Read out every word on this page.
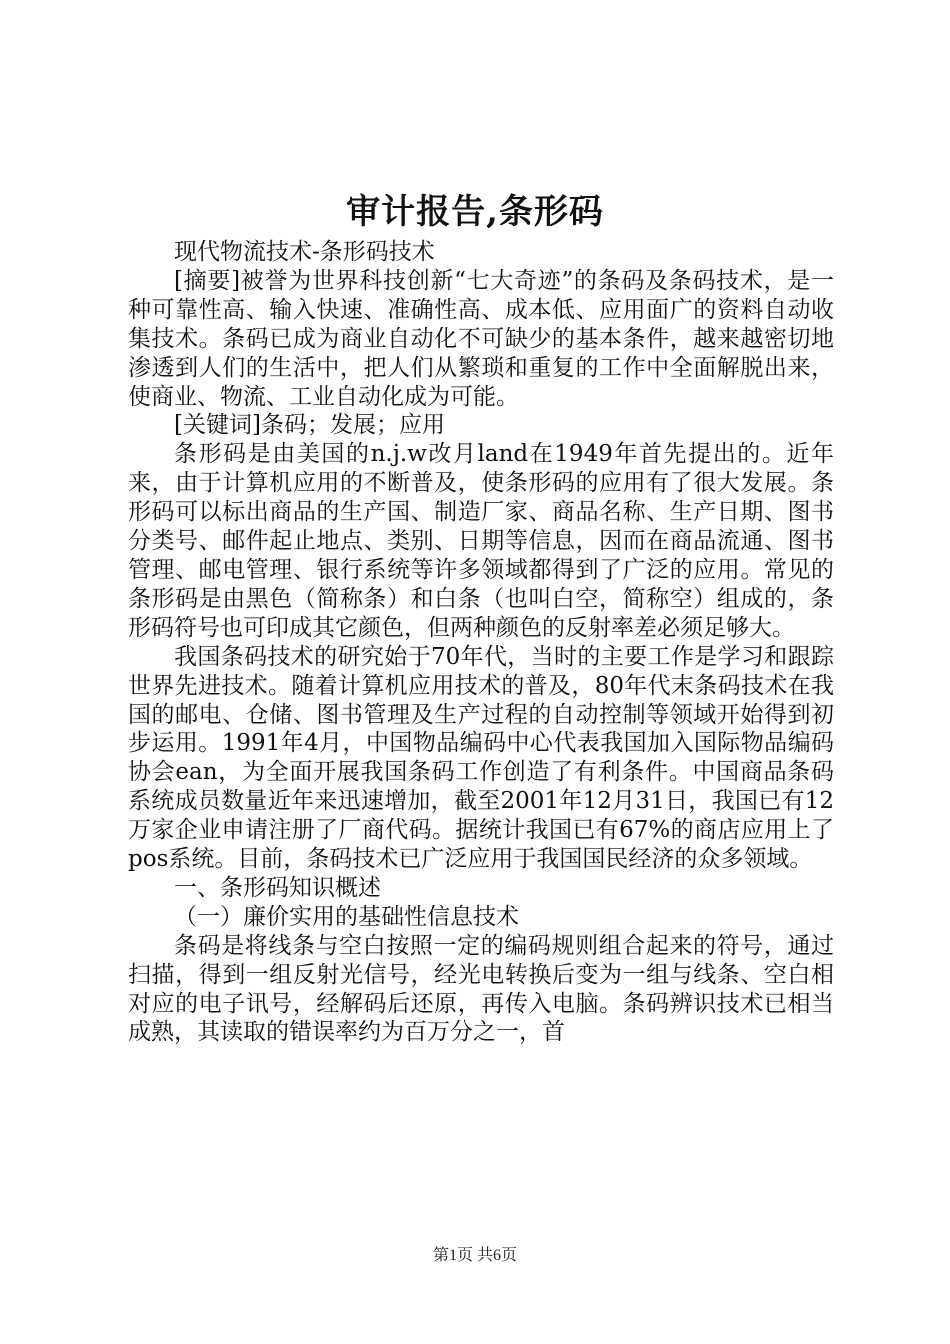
审计报告,条形码

现代物流技术-条形码技术

[摘要]被誉为世界科技创新“七大奇迹”的条码及条码技术，是一种可靠性高、输入快速、准确性高、成本低、应用面广的资料自动收集技术。条码已成为商业自动化不可缺少的基本条件，越来越密切地渗透到人们的生活中，把人们从繁琐和重复的工作中全面解脱出来，使商业、物流、工业自动化成为可能。

[关键词]条码；发展；应用

条形码是由美国的n.j.w改月land在1949年首先提出的。近年来，由于计算机应用的不断普及，使条形码的应用有了很大发展。条形码可以标出商品的生产国、制造厂家、商品名称、生产日期、图书分类号、邮件起止地点、类别、日期等信息，因而在商品流通、图书管理、邮电管理、银行系统等许多领域都得到了广泛的应用。常见的条形码是由黑色（简称条）和白条（也叫白空，简称空）组成的，条形码符号也可印成其它颜色，但两种颜色的反射率差必须足够大。

我国条码技术的研究始于70年代，当时的主要工作是学习和跟踪世界先进技术。随着计算机应用技术的普及，80年代末条码技术在我国的邮电、仓储、图书管理及生产过程的自动控制等领域开始得到初步运用。1991年4月，中国物品编码中心代表我国加入国际物品编码协会ean，为全面开展我国条码工作创造了有利条件。中国商品条码系统成员数量近年来迅速增加，截至2001年12月31日，我国已有12万家企业申请注册了厂商代码。据统计我国已有67%的商店应用上了pos系统。目前，条码技术已广泛应用于我国国民经济的众多领域。

一、条形码知识概述

（一）廉价实用的基础性信息技术

条码是将线条与空白按照一定的编码规则组合起来的符号，通过扫描，得到一组反射光信号，经光电转换后变为一组与线条、空白相对应的电子讯号，经解码后还原，再传入电脑。条码辨识技术已相当成熟，其读取的错误率约为百万分之一，首

第1页 共6页
